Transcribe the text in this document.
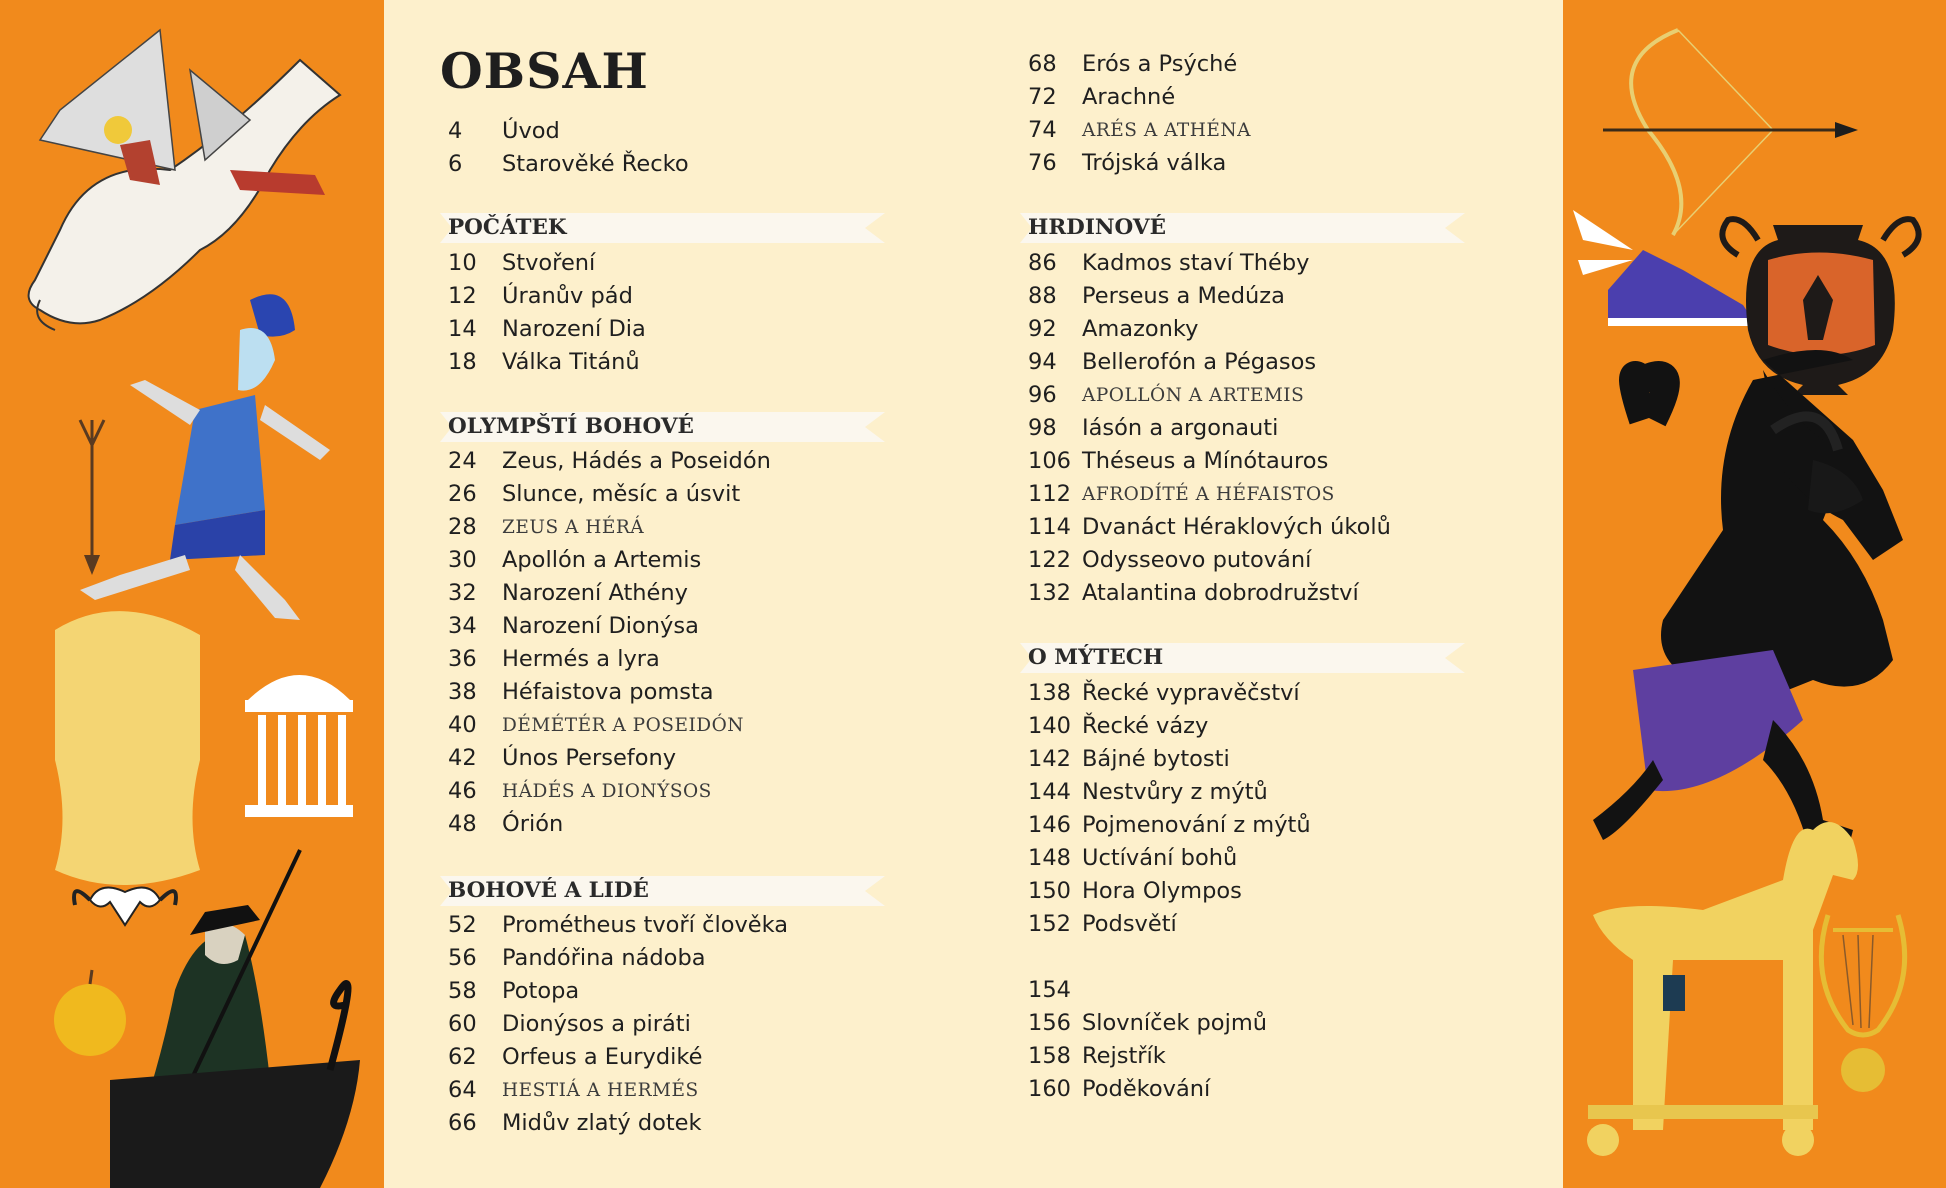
OBSAH
4	Úvod
6	Starověké Řecko
POČÁTEK
10	Stvoření
12	Úranův pád
14	Narození Dia
18	Válka Titánů
OLYMPŠTÍ BOHOVÉ
24	Zeus, Hádés a Poseidón
26	Slunce, měsíc a úsvit
28	ZEUS A HÉRÁ
30	Apollón a Artemis
32	Narození Athény
34	Narození Dionýsa
36	Hermés a lyra
38	Héfaistova pomsta
40	DÉMÉTÉR A POSEIDÓN
42	Únos Persefony
46	HÁDÉS A DIONÝSOS
48	Órión
BOHOVÉ A LIDÉ
52	Prométheus tvoří člověka
56	Pandóřina nádoba
58	Potopa
60	Dionýsos a piráti
62	Orfeus a Eurydiké
64	HESTIÁ A HERMÉS
66	Midův zlatý dotek
68	Erós a Psýché
72	Arachné
74	ARÉS A ATHÉNA
76	Trójská válka
HRDINOVÉ
86	Kadmos staví Théby
88	Perseus a Medúza
92	Amazonky
94	Bellerofón a Pégasos
96	APOLLÓN A ARTEMIS
98	Iásón a argonauti
106 Théseus a Mínótauros
112 AFRODÍTÉ A HÉFAISTOS
114 Dvanáct Héraklových úkolů
122 Odysseovo putování
132 Atalantina dobrodružství
O MÝTECH
138 Řecké vypravěčství
140 Řecké vázy
142 Bájné bytosti
144 Nestvůry z mýtů
146 Pojmenování z mýtů
148 Uctívání bohů
150 Hora Olympos
152 Podsvětí
154
156 Slovníček pojmů
158 Rejstřík
160 Poděkování
